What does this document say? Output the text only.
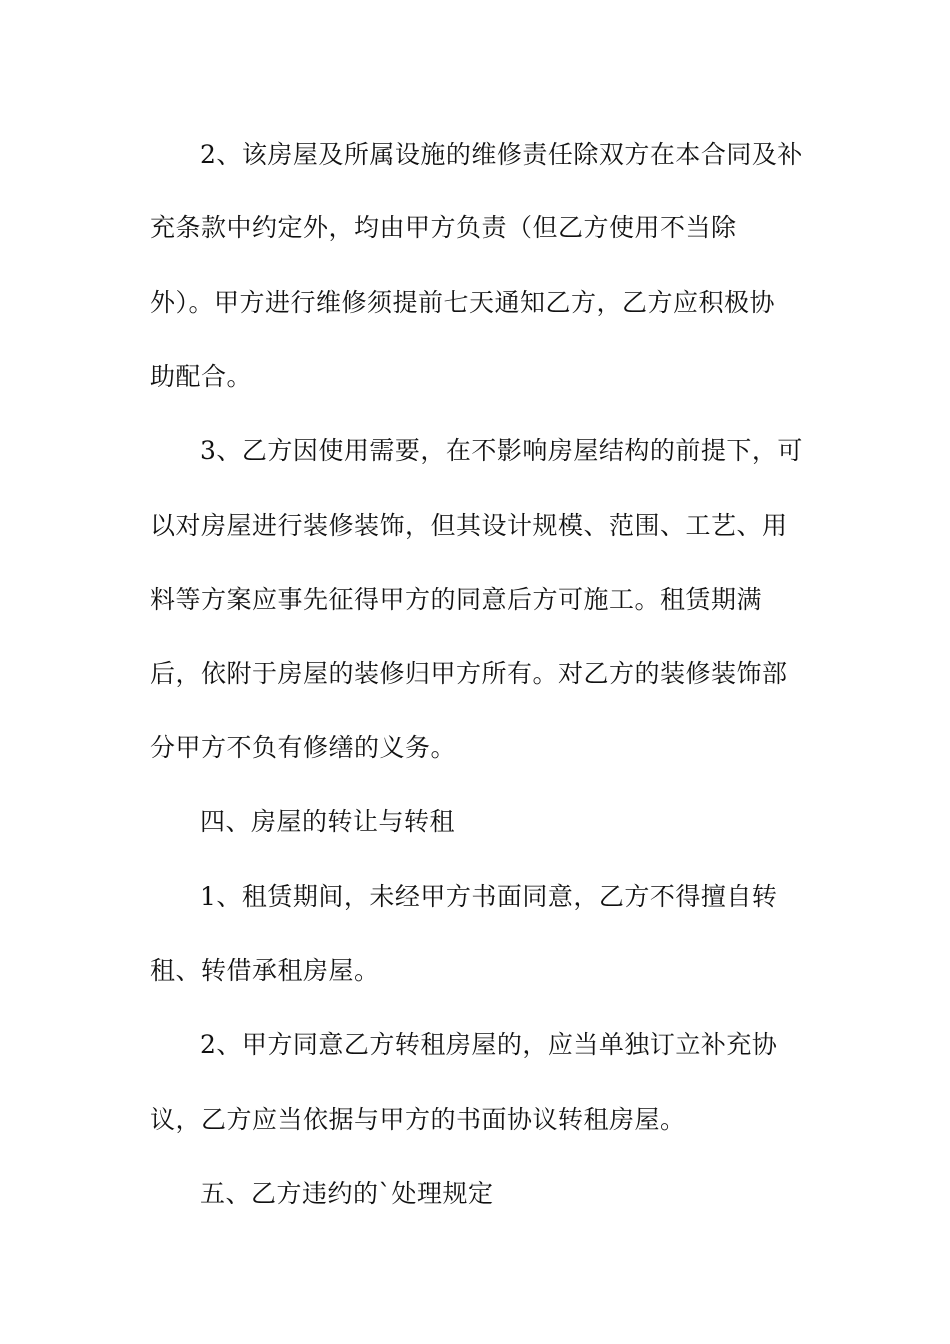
2、该房屋及所属设施的维修责任除双方在本合同及补
充条款中约定外，均由甲方负责（但乙方使用不当除
外）。甲方进行维修须提前七天通知乙方，乙方应积极协
助配合。
3、乙方因使用需要，在不影响房屋结构的前提下，可
以对房屋进行装修装饰，但其设计规模、范围、工艺、用
料等方案应事先征得甲方的同意后方可施工。租赁期满
后，依附于房屋的装修归甲方所有。对乙方的装修装饰部
分甲方不负有修缮的义务。
四、房屋的转让与转租
1、租赁期间，未经甲方书面同意，乙方不得擅自转
租、转借承租房屋。
2、甲方同意乙方转租房屋的，应当单独订立补充协
议，乙方应当依据与甲方的书面协议转租房屋。
五、乙方违约的`处理规定
